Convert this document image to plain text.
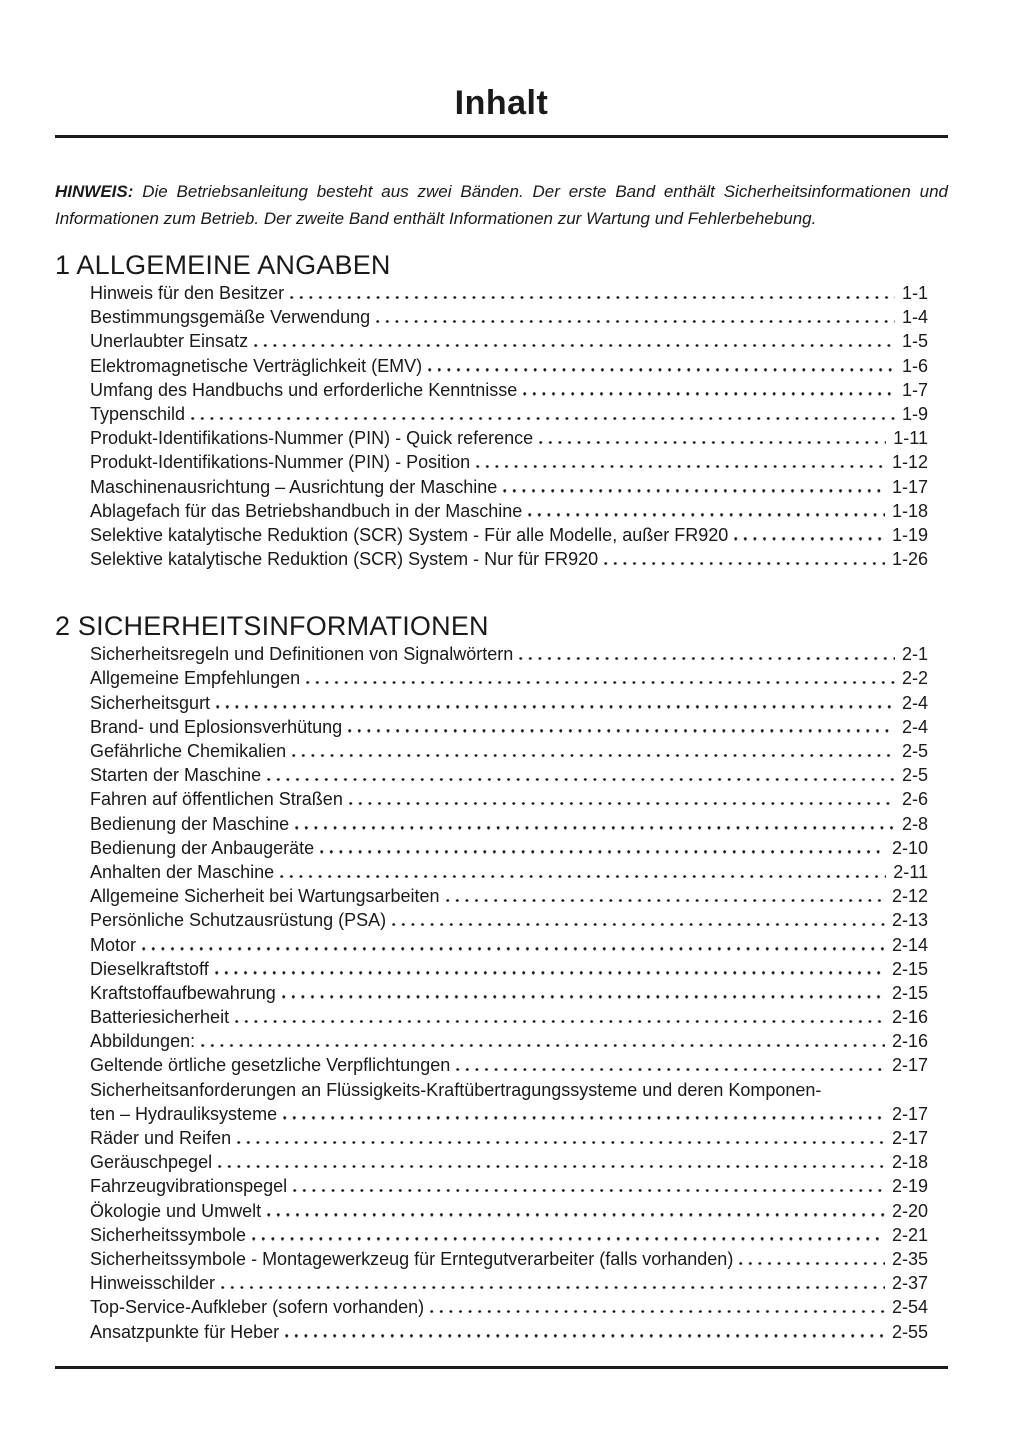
Inhalt

HINWEIS: Die Betriebsanleitung besteht aus zwei Bänden. Der erste Band enthält Sicherheitsinformationen und Informationen zum Betrieb. Der zweite Band enthält Informationen zur Wartung und Fehlerbehebung.

1 ALLGEMEINE ANGABEN
Hinweis für den Besitzer	1-1
Bestimmungsgemäße Verwendung	1-4
Unerlaubter Einsatz	1-5
Elektromagnetische Verträglichkeit (EMV)	1-6
Umfang des Handbuchs und erforderliche Kenntnisse	1-7
Typenschild	1-9
Produkt-Identifikations-Nummer (PIN) - Quick reference	1-11
Produkt-Identifikations-Nummer (PIN) - Position	1-12
Maschinenausrichtung – Ausrichtung der Maschine	1-17
Ablagefach für das Betriebshandbuch in der Maschine	1-18
Selektive katalytische Reduktion (SCR) System - Für alle Modelle, außer FR920	1-19
Selektive katalytische Reduktion (SCR) System - Nur für FR920	1-26
2 SICHERHEITSINFORMATIONEN
Sicherheitsregeln und Definitionen von Signalwörtern	2-1
Allgemeine Empfehlungen	2-2
Sicherheitsgurt	2-4
Brand- und Eplosionsverhütung	2-4
Gefährliche Chemikalien	2-5
Starten der Maschine	2-5
Fahren auf öffentlichen Straßen	2-6
Bedienung der Maschine	2-8
Bedienung der Anbaugeräte	2-10
Anhalten der Maschine	2-11
Allgemeine Sicherheit bei Wartungsarbeiten	2-12
Persönliche Schutzausrüstung (PSA)	2-13
Motor	2-14
Dieselkraftstoff	2-15
Kraftstoffaufbewahrung	2-15
Batteriesicherheit	2-16
Abbildungen:	2-16
Geltende örtliche gesetzliche Verpflichtungen	2-17
Sicherheitsanforderungen an Flüssigkeits-Kraftübertragungssysteme und deren Komponen-
ten – Hydrauliksysteme	2-17
Räder und Reifen	2-17
Geräuschpegel	2-18
Fahrzeugvibrationspegel	2-19
Ökologie und Umwelt	2-20
Sicherheitssymbole	2-21
Sicherheitssymbole - Montagewerkzeug für Erntegutverarbeiter (falls vorhanden)	2-35
Hinweisschilder	2-37
Top-Service-Aufkleber (sofern vorhanden)	2-54
Ansatzpunkte für Heber	2-55
